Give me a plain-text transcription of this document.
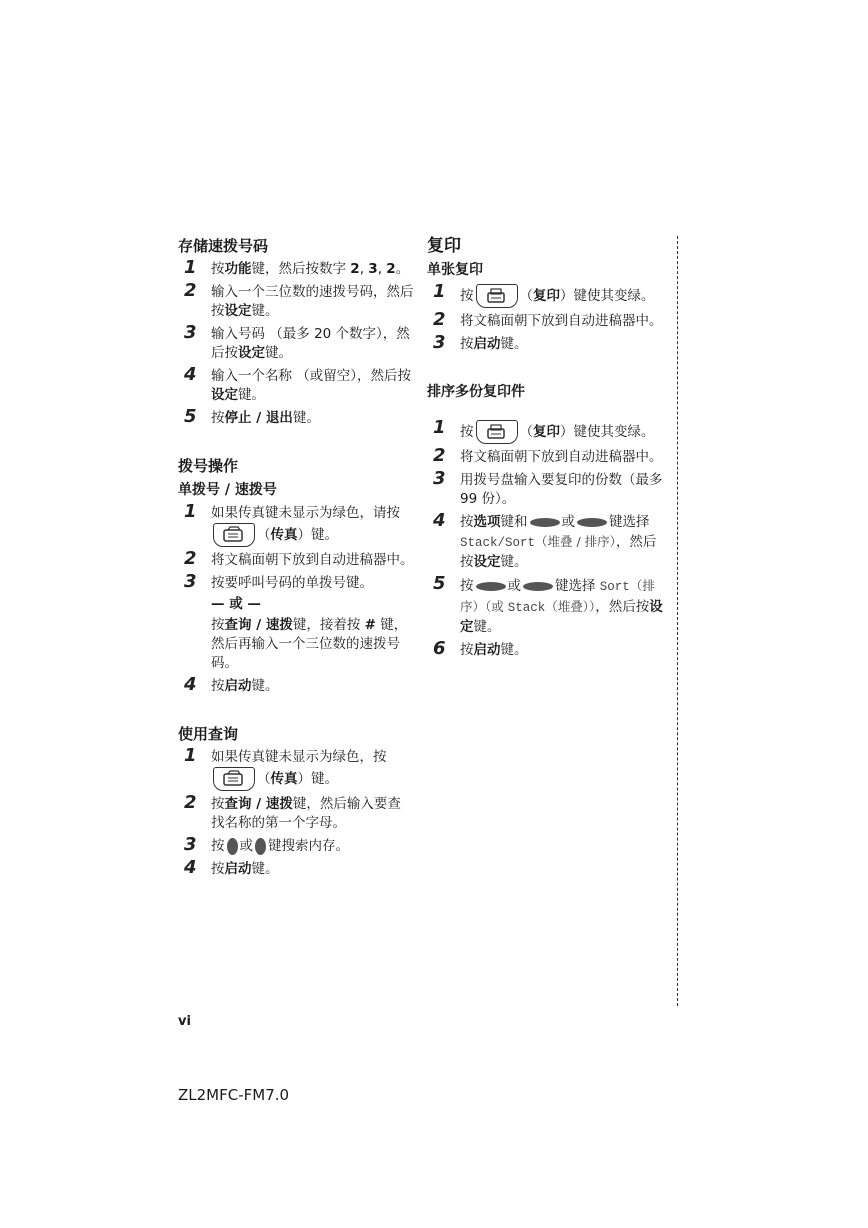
存储速拨号码
1 按功能键，然后按数字 2, 3, 2。
2 输入一个三位数的速拨号码，然后按设定键。
3 输入号码 （最多 20 个数字），然后按设定键。
4 输入一个名称 （或留空），然后按设定键。
5 按停止 / 退出键。
拨号操作
单拨号 / 速拨号
1 如果传真键未显示为绿色，请按
（传真）键。
2 将文稿面朝下放到自动进稿器中。
3 按要呼叫号码的单拨号键。
— 或 —
按查询 / 速拨键，接着按 # 键，然后再输入一个三位数的速拨号码。
4 按启动键。
使用查询
1 如果传真键未显示为绿色，按
（传真）键。
2 按查询 / 速拨键，然后输入要查找名称的第一个字母。
3 按 或 键搜索内存。
4 按启动键。
复印
单张复印
1 按	（复印）键使其变绿。
2 将文稿面朝下放到自动进稿器中。
3 按启动键。
排序多份复印件
1 按	（复印）键使其变绿。
2 将文稿面朝下放到自动进稿器中。
3 用拨号盘输入要复印的份数（最多 99 份）。
4 按选项键和	或	键选择 Stack/Sort（堆叠 / 排序），然后按设定键。
5 按	或	键选择 Sort（排序）（或 Stack（堆叠）），然后按设定键。
6 按启动键。
vi
ZL2MFC-FM7.0
